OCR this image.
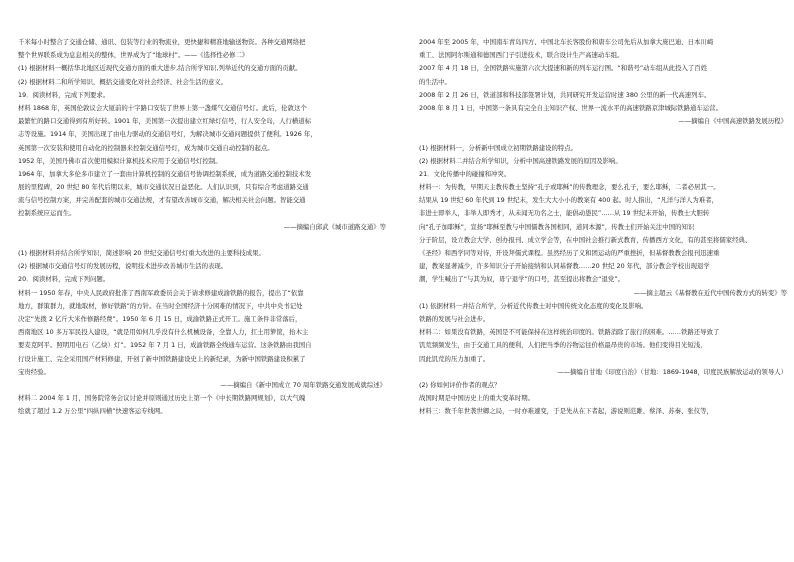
千米每小时整合了交通仓储、通讯、包装等行业的物流业，更快捷和精准地输送物资。各种交通网络把
整个世界联系成为息息相关的整体，世界成为了“地球村”。——《选择性必修二》
(1) 根据材料一概括华北地区近现代交通方面的重大进步,结合所学知识,列举近代的交通方面的贡献。
(2) 根据材料二和所学知识，概括交通变化对社会经济、社会生活的意义。
19．阅读材料，完成下列要求。
材料 1868 年，英国伦敦议会大厦前的十字路口安装了世界上第一盏煤气交通信号灯。此后，伦敦这个
最繁忙的路口交通得到有所好转。1901 年，美国第一次提出建立红绿灯信号，行人安全岛，人行横道标
志等设施。1914 年，美国出现了由电力驱动的交通信号灯，为解决城市交通问题提供了便利。1926 年，
英国第一次安装和使用自动化的控制器来控制交通信号灯，成为城市交通自动控制的起点。
1952 年，美国丹佛市首次使用模拟计算机技术应用于交通信号灯控制。
1964 年，加拿大多伦多市建立了一套由计算机控制的交通信号协调控制系统，成为道路交通控制技术发
展的里程碑，20 世纪 80 年代后期以来，城市交通状况日益恶化。人们认识到，只有综合考虑道路交通
流与信号控制方案，并完善配套的城市交通法规，才有望改善城市交通，解决相关社会问题。智能交通
控制系统应运而生。
——摘编自邱武《城市道路交通》等
(1) 根据材料并结合所学知识，简述影响 20 世纪交通信号灯重大改进的主要科技成果。
(2) 根据城市交通信号灯的发展历程，说明技术进步改善城市生活的表现。
20．阅读材料，完成下列问题。
材料一 1950 年春，中央人民政府批准了西南军政委员会关于请求修建成渝铁路的报告，提出了“依靠
地方，群策群力，就地取材，修好铁路”的方针。在当时全国经济十分困难的情况下，中共中央书记处
决定“先拨 2 亿斤大米作修路经费”。1950 年 6 月 15 日，成渝铁路正式开工。施工条件非常落后，
西南地区 10 多万军民投入建设，“就是用如何几乎没有什么机械设备，全靠人力，扛土用箩筐，抬木主
要麦克阿平。照明用电石（乙炔）灯”。1952 年 7 月 1 日，成渝铁路全线通车运营。这条铁路由我国自
行设计施工、完全采用国产材料修建，开创了新中国铁路建设史上的新纪录，为新中国铁路建设积累了
宝贵经验。
——摘编自《新中国成立 70 周年铁路交通发展成就综述》
材料二 2004 年 1 月，国务院常务会议讨论并原则通过历史上第一个《中长期铁路网规划》，以大气魄
绘就了超过 1.2 万公里“四纵四横”快速客运专线网。
2004 年至 2005 年，中国南车青岛四方、中国北车长客股份和唐车公司先后从加拿大庞巴迪、日本川崎
重工、法国阿尔斯通和德国西门子引进技术，联合设计生产高速动车组。
2007 年 4 月 18 日，全国铁路实施第六次大提速和新的列车运行图。“和谐号”动车组从此投入了百姓
的生活中。
2008 年 2 月 26 日，铁道部和科技部签署计划，共同研究开发运营时速 380 公里的新一代高速列车。
2008 年 8 月 1 日，中国第一条具有完全自主知识产权、世界一流水平的高速铁路京津城际铁路通车运营。
——摘编自《中国高速铁路发展历程》
(1) 根据材料一，分析新中国成立初期铁路建设的特点。
(2) 根据材料二并结合所学知识，分析中国高速铁路发展的原因及影响。
21．文化传播中的碰撞和冲突。
材料一：为传教，早期天主教传教士坚持“孔子或耶稣”的传教理念，要么孔子，要么耶稣，二者必居其一。
结果从 19 世纪 60 年代到 19 世纪末，发生大大小小的教案有 400 起。时人指出，“凡洋与洋人为难者，
非进士即举人，非举人即秀才，从未闻无功名之士，能倡动愚民”……从 19 世纪末开始，传教士大胆转
向“孔子加耶稣”，宣扬“耶稣至教与中国儒教各国相同，道同本源”，传教士们开始关注中国的知识
分子阶层，设立教会大学、创办报刊、成立学会等，在中国社会推行新式教育，传播西方文化，有的甚至将儒家经典、
《圣经》和西学同等对待，开设拜儒式课程。虽然经历了义和团运动的严重挫折，但基督教教会报刊迅速重
建，教案显著减少，许多知识分子开始接纳和认同基督教……20 世纪 20 年代，部分教会学校出现退学
潮，学生喊出了“与其为奴，毋宁退学”的口号，甚至提出将教会“退党”。
——摘主超云《基督教在近代中国传教方式的转变》等
(1) 依据材料一并结合所学，分析近代传教士对中国传统文化态度的变化及影响。
铁路的发展与社会进步。
材料二：如果没有铁路，英国是不可能保持在这样统治印度的。铁路消除了旅行的困难。……铁路还导致了
饥荒频频发生，由于交通工具的便利，人们把当季的谷物运往价格最昂贵的市场。他们变得目光短浅，
因此饥荒的压力加重了。
——摘编自甘地《印度自治》（甘地：1869-1948，印度民族解放运动的领导人）
(2) 你如何评价作者的观点？
战国时期是中国历史上的重大变革时期。
材料三：数千年世袭世卿之局，一时亦难遽变，于是先从在下者起，游说则范雎、蔡泽、苏秦、张仪等，
